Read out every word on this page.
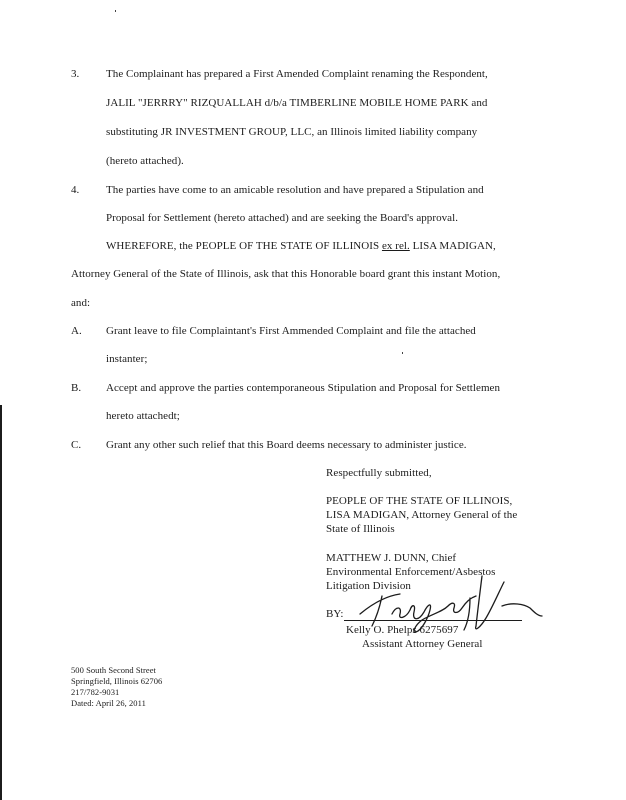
3. The Complainant has prepared a First Amended Complaint renaming the Respondent,
JALIL "JERRRY" RIZQUALLAH d/b/a TIMBERLINE MOBILE HOME PARK and
substituting JR INVESTMENT GROUP, LLC, an Illinois limited liability company
(hereto attached).
4. The parties have come to an amicable resolution and have prepared a Stipulation and
Proposal for Settlement (hereto attached) and are seeking the Board's approval.
WHEREFORE, the PEOPLE OF THE STATE OF ILLINOIS ex rel. LISA MADIGAN,
Attorney General of the State of Illinois, ask that this Honorable board grant this instant Motion,
and:
A. Grant leave to file Complaintant's First Ammended Complaint and file the attached
instanter;
B. Accept and approve the parties contemporaneous Stipulation and Proposal for Settlemen
hereto attachedt;
C. Grant any other such relief that this Board deems necessary to administer justice.
Respectfully submitted,
PEOPLE OF THE STATE OF ILLINOIS,
LISA MADIGAN, Attorney General of the
State of Illinois
MATTHEW J. DUNN, Chief
Environmental Enforcement/Asbestos
Litigation Division
BY:
Kelly O. Phelps 6275697
Assistant Attorney General
500 South Second Street
Springfield, Illinois 62706
217/782-9031
Dated: April 26, 2011
